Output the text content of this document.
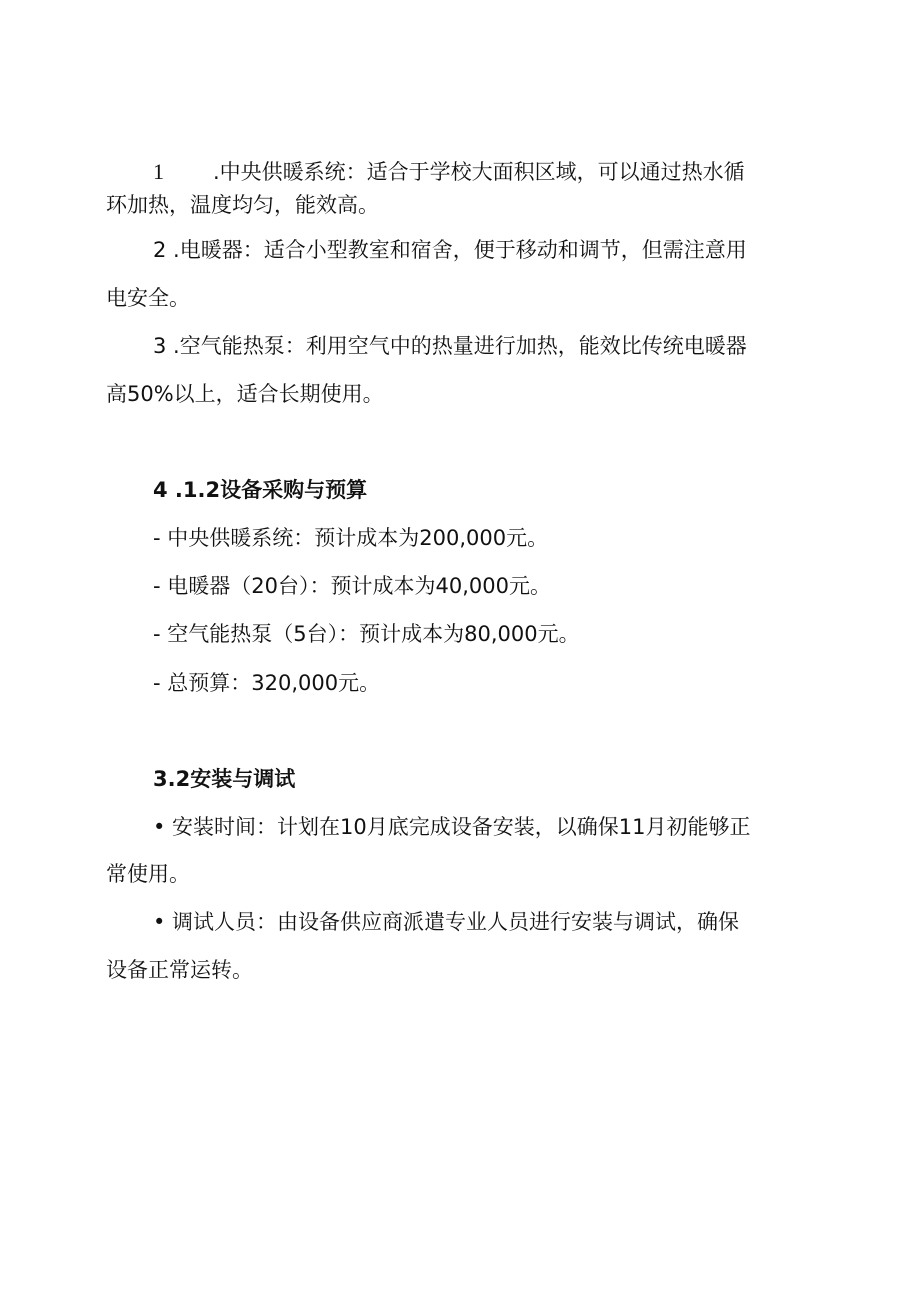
1 .中央供暖系统：适合于学校大面积区域，可以通过热水循
环加热，温度均匀，能效高。
2 .电暖器：适合小型教室和宿舍，便于移动和调节，但需注意用
电安全。
3 .空气能热泵：利用空气中的热量进行加热，能效比传统电暖器
高50%以上，适合长期使用。
4 .1.2设备采购与预算
- 中央供暖系统：预计成本为200,000元。
- 电暖器（20台）：预计成本为40,000元。
- 空气能热泵（5台）：预计成本为80,000元。
- 总预算：320,000元。
3.2安装与调试
• 安装时间：计划在10月底完成设备安装，以确保11月初能够正
常使用。
• 调试人员：由设备供应商派遣专业人员进行安装与调试，确保
设备正常运转。
